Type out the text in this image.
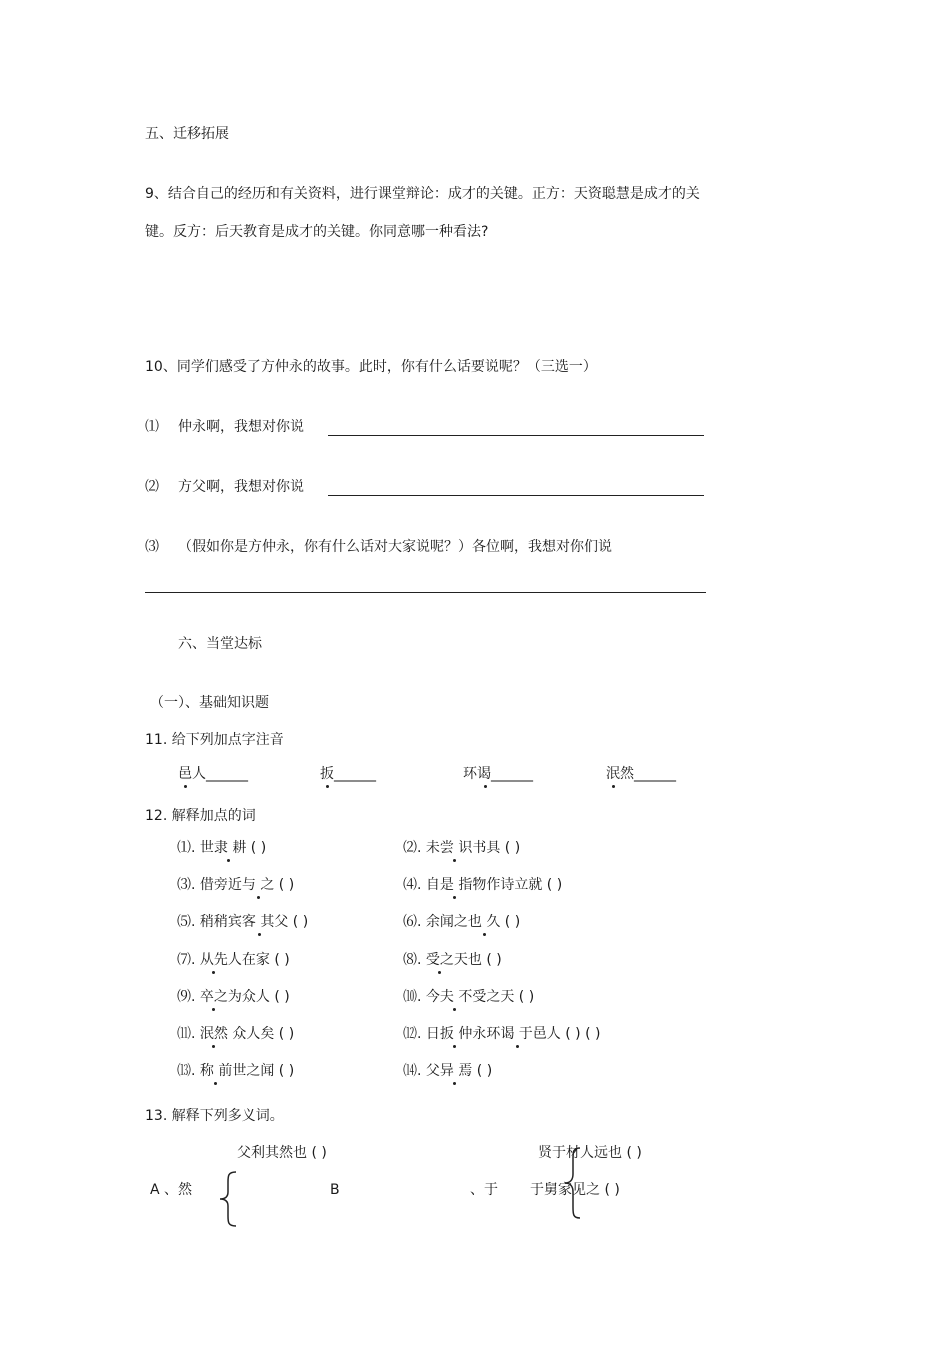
五、迁移拓展
9、结合自己的经历和有关资料，进行课堂辩论：成才的关键。正方：天资聪慧是成才的关
键。反方：后天教育是成才的关键。你同意哪一种看法?
10、同学们感受了方仲永的故事。此时，你有什么话要说呢？（三选一）
⑴ 仲永啊，我想对你说
⑵ 方父啊，我想对你说
⑶ （假如你是方仲永，你有什么话对大家说呢？）各位啊，我想对你们说
六、当堂达标
（一）、基础知识题
11. 给下列加点字注音
邑人______	扳______	环谒______	泯然______
12. 解释加点的词
⑴. 世隶 耕 ( )	⑵. 未尝 识书具 ( )
⑶. 借旁近与 之 ( )	⑷. 自是 指物作诗立就 ( )
⑸. 稍稍宾客 其父 ( )	⑹. 余闻之也 久 ( )
⑺. 从先人在家 ( )	⑻. 受之天也 ( )
⑼. 卒之为众人 ( )	⑽. 今夫 不受之天 ( )
⑾. 泯然 众人矣 ( )	⑿. 日扳 仲永环谒 于邑人 ( ) ( )
⒀. 称 前世之闻 ( )	⒁. 父异 焉 ( )
13. 解释下列多义词。
父利其然也 ( )	贤于材人远也 ( )
A 、然	B	、于 于舅家见之 ( )
